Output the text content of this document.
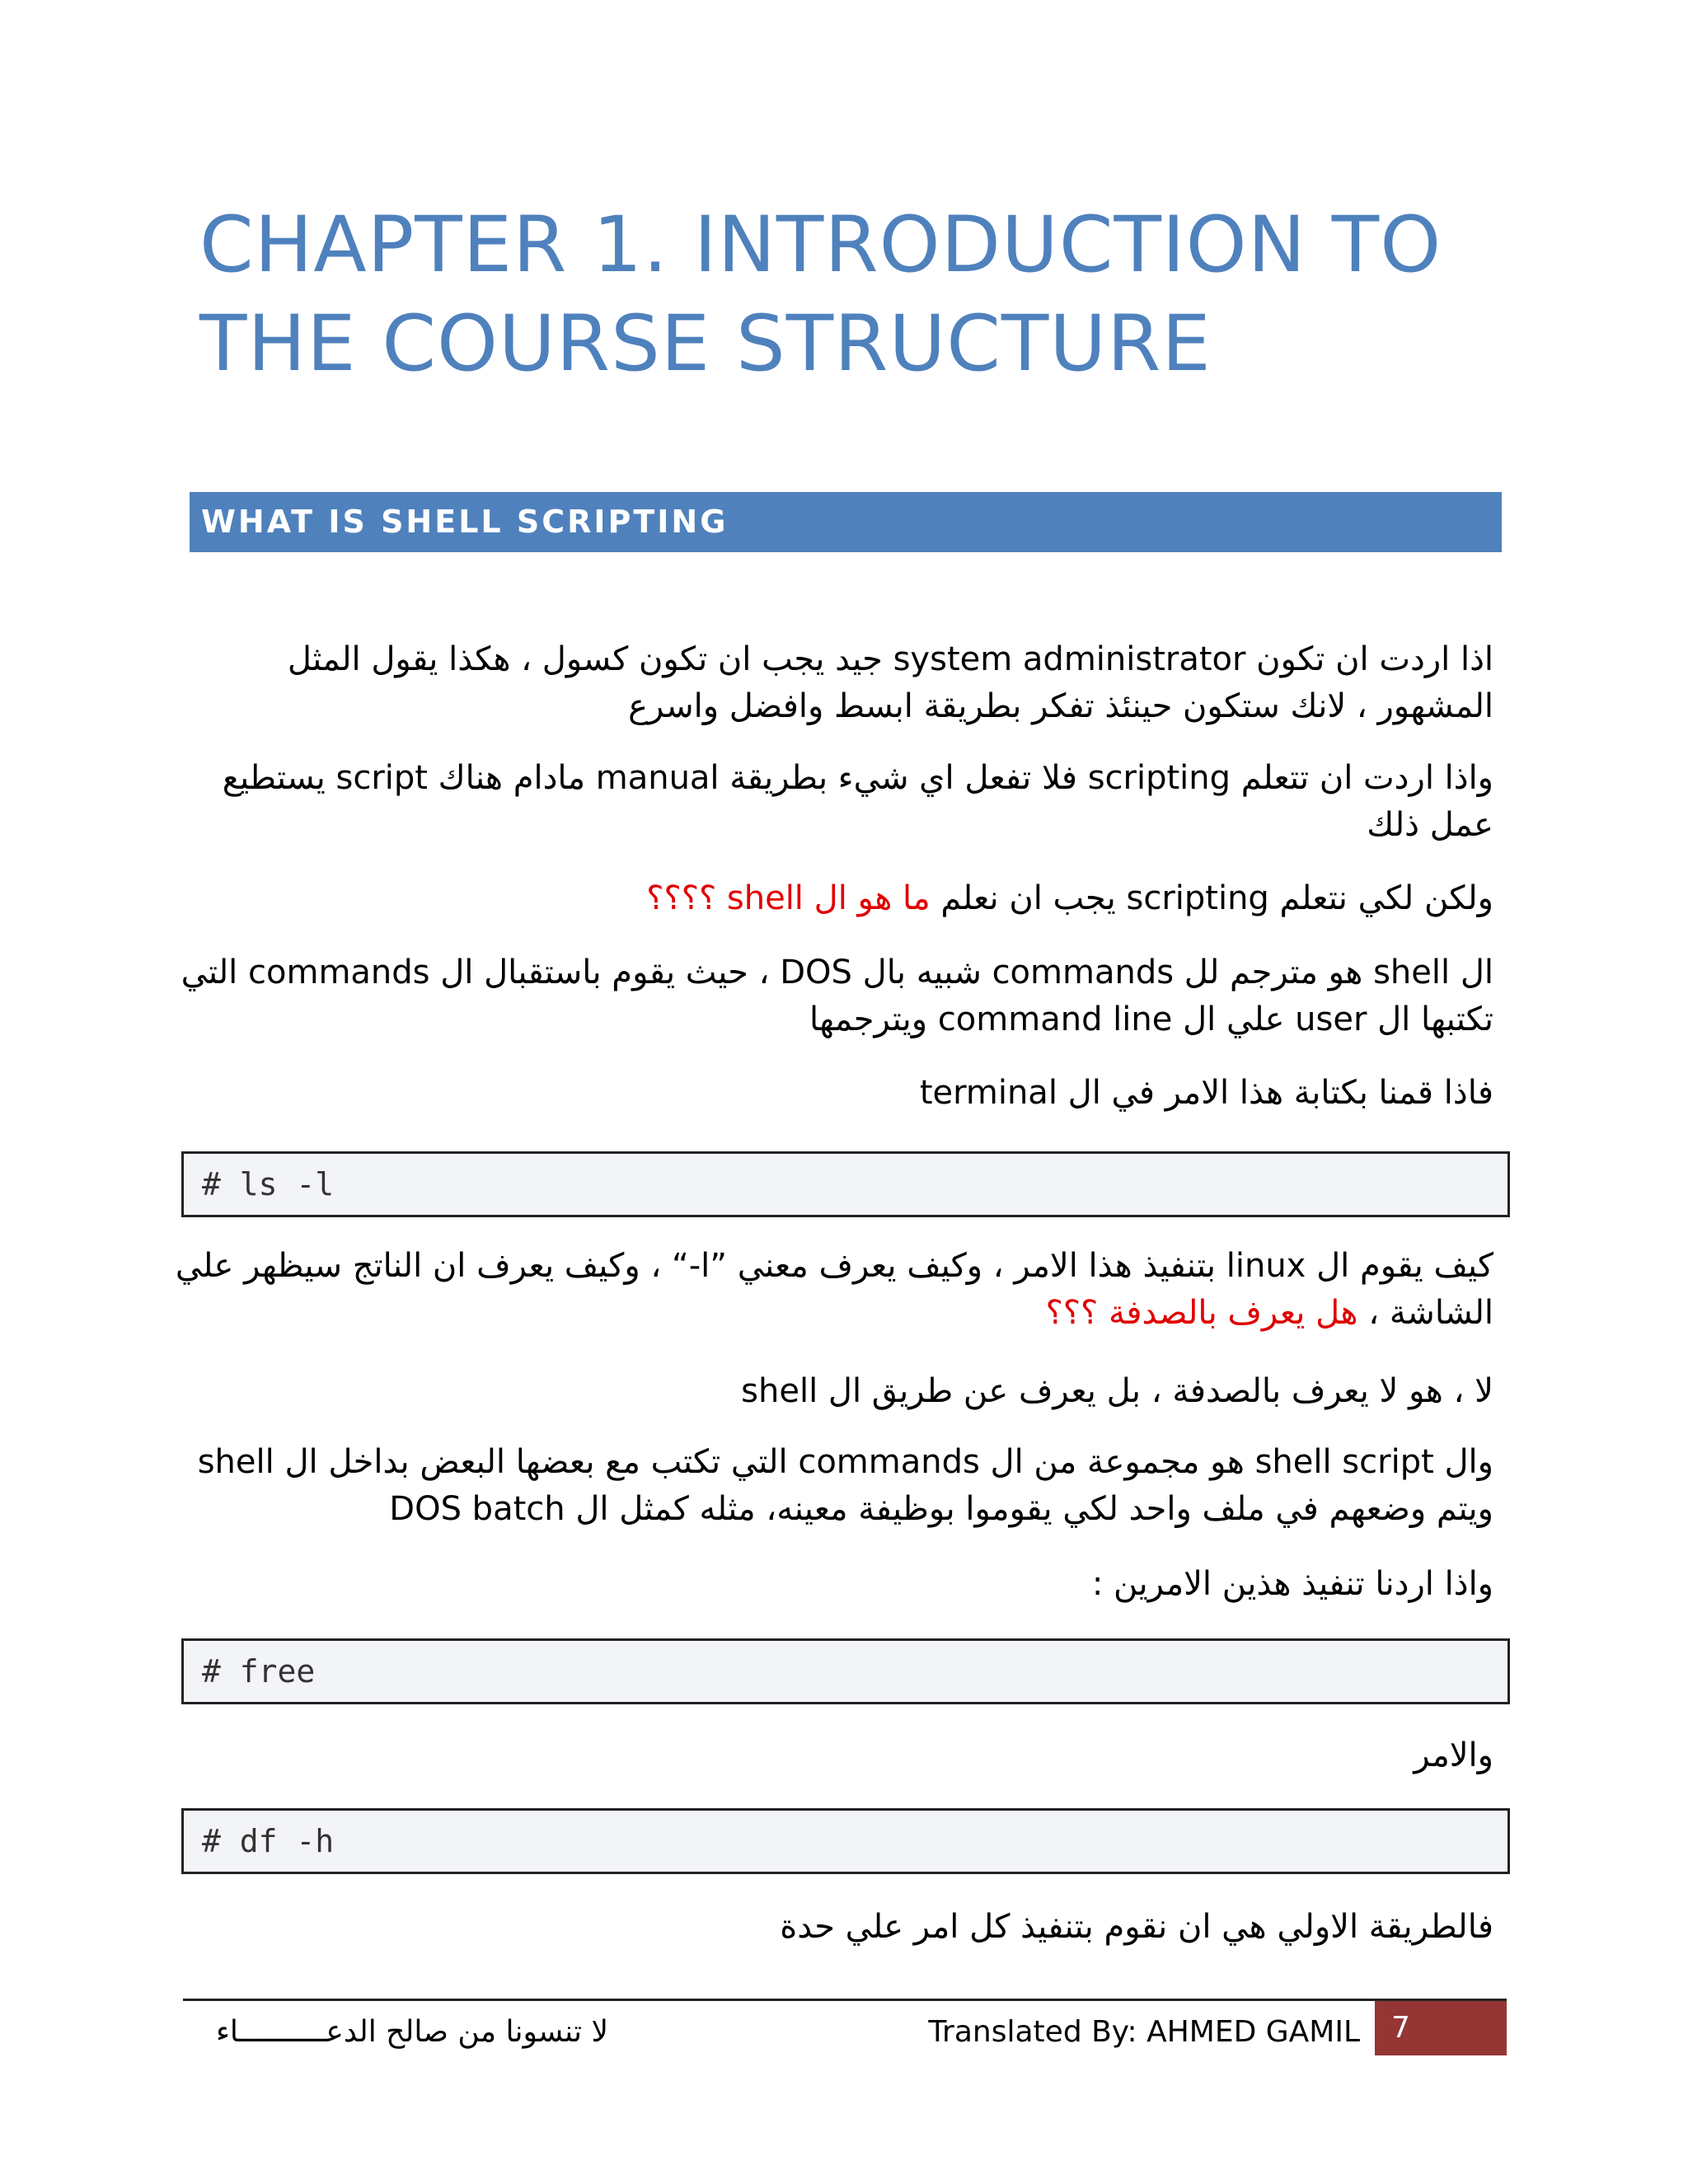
CHAPTER 1. INTRODUCTION TO THE COURSE STRUCTURE
WHAT IS SHELL SCRIPTING

اذا اردت ان تكون system administrator جيد يجب ان تكون كسول ، هكذا يقول المثل المشهور ، لانك ستكون حينئذ تفكر بطريقة ابسط وافضل واسرع

واذا اردت ان تتعلم scripting فلا تفعل اي شيء بطريقة manual مادام هناك script يستطيع عمل ذلك

ولكن لكي نتعلم scripting يجب ان نعلم ما هو ال shell ؟؟؟؟

ال shell هو مترجم لل commands شبيه بال DOS ، حيث يقوم باستقبال ال commands التي تكتبها ال user علي ال command line ويترجمها

فاذا قمنا بكتابة هذا الامر في ال terminal

# ls -l

كيف يقوم ال linux بتنفيذ هذا الامر ، وكيف يعرف معني ”l-“ ، وكيف يعرف ان الناتج سيظهر علي الشاشة ، هل يعرف بالصدفة ؟؟؟

لا ، هو لا يعرف بالصدفة ، بل يعرف عن طريق ال shell

وال shell script هو مجموعة من ال commands التي تكتب مع بعضها البعض بداخل ال shell ويتم وضعهم في ملف واحد لكي يقوموا بوظيفة معينه، مثله كمثل ال DOS batch

واذا اردنا تنفيذ هذين الامرين :

# free

والامر

# df -h

فالطريقة الاولي هي ان نقوم بتنفيذ كل امر علي حدة

لا تنسونا من صالح الدعــــــــــاء	Translated By: AHMED GAMIL	7
